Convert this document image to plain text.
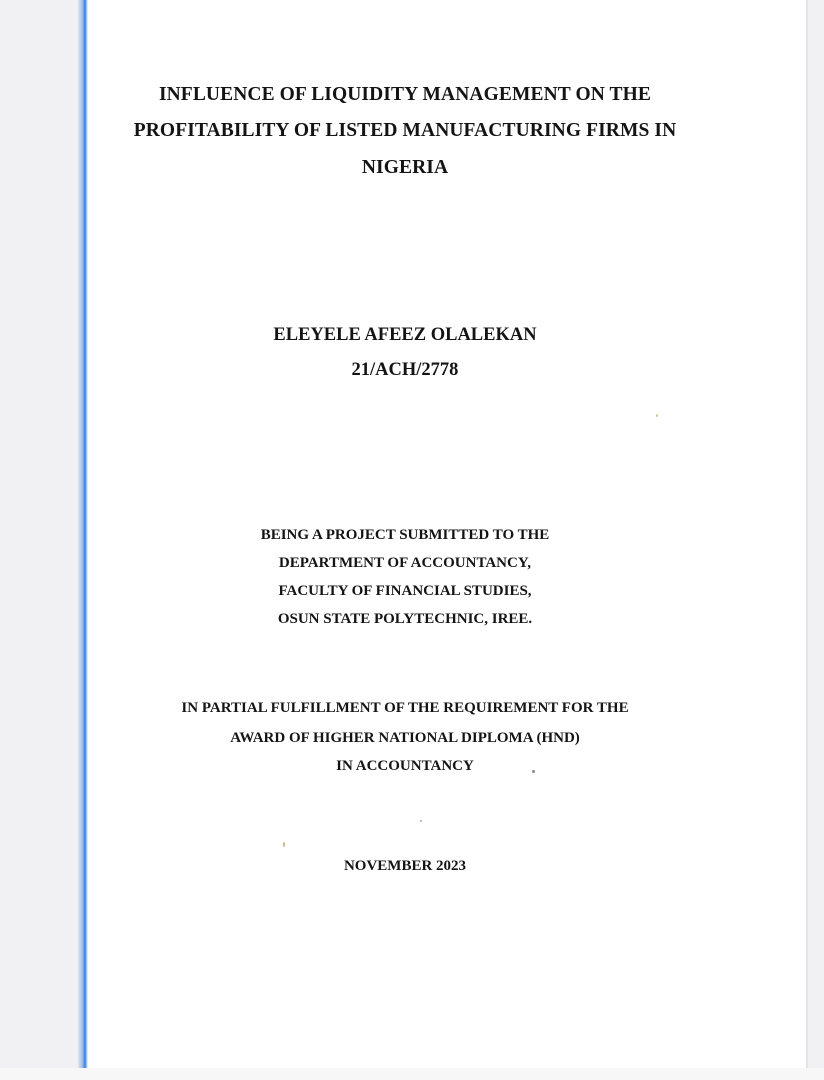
INFLUENCE OF LIQUIDITY MANAGEMENT ON THE
PROFITABILITY OF LISTED MANUFACTURING FIRMS IN
NIGERIA
ELEYELE AFEEZ OLALEKAN
21/ACH/2778
BEING A PROJECT SUBMITTED TO THE
DEPARTMENT OF ACCOUNTANCY,
FACULTY OF FINANCIAL STUDIES,
OSUN STATE POLYTECHNIC, IREE.
IN PARTIAL FULFILLMENT OF THE REQUIREMENT FOR THE
AWARD OF HIGHER NATIONAL DIPLOMA (HND)
IN ACCOUNTANCY
NOVEMBER 2023
